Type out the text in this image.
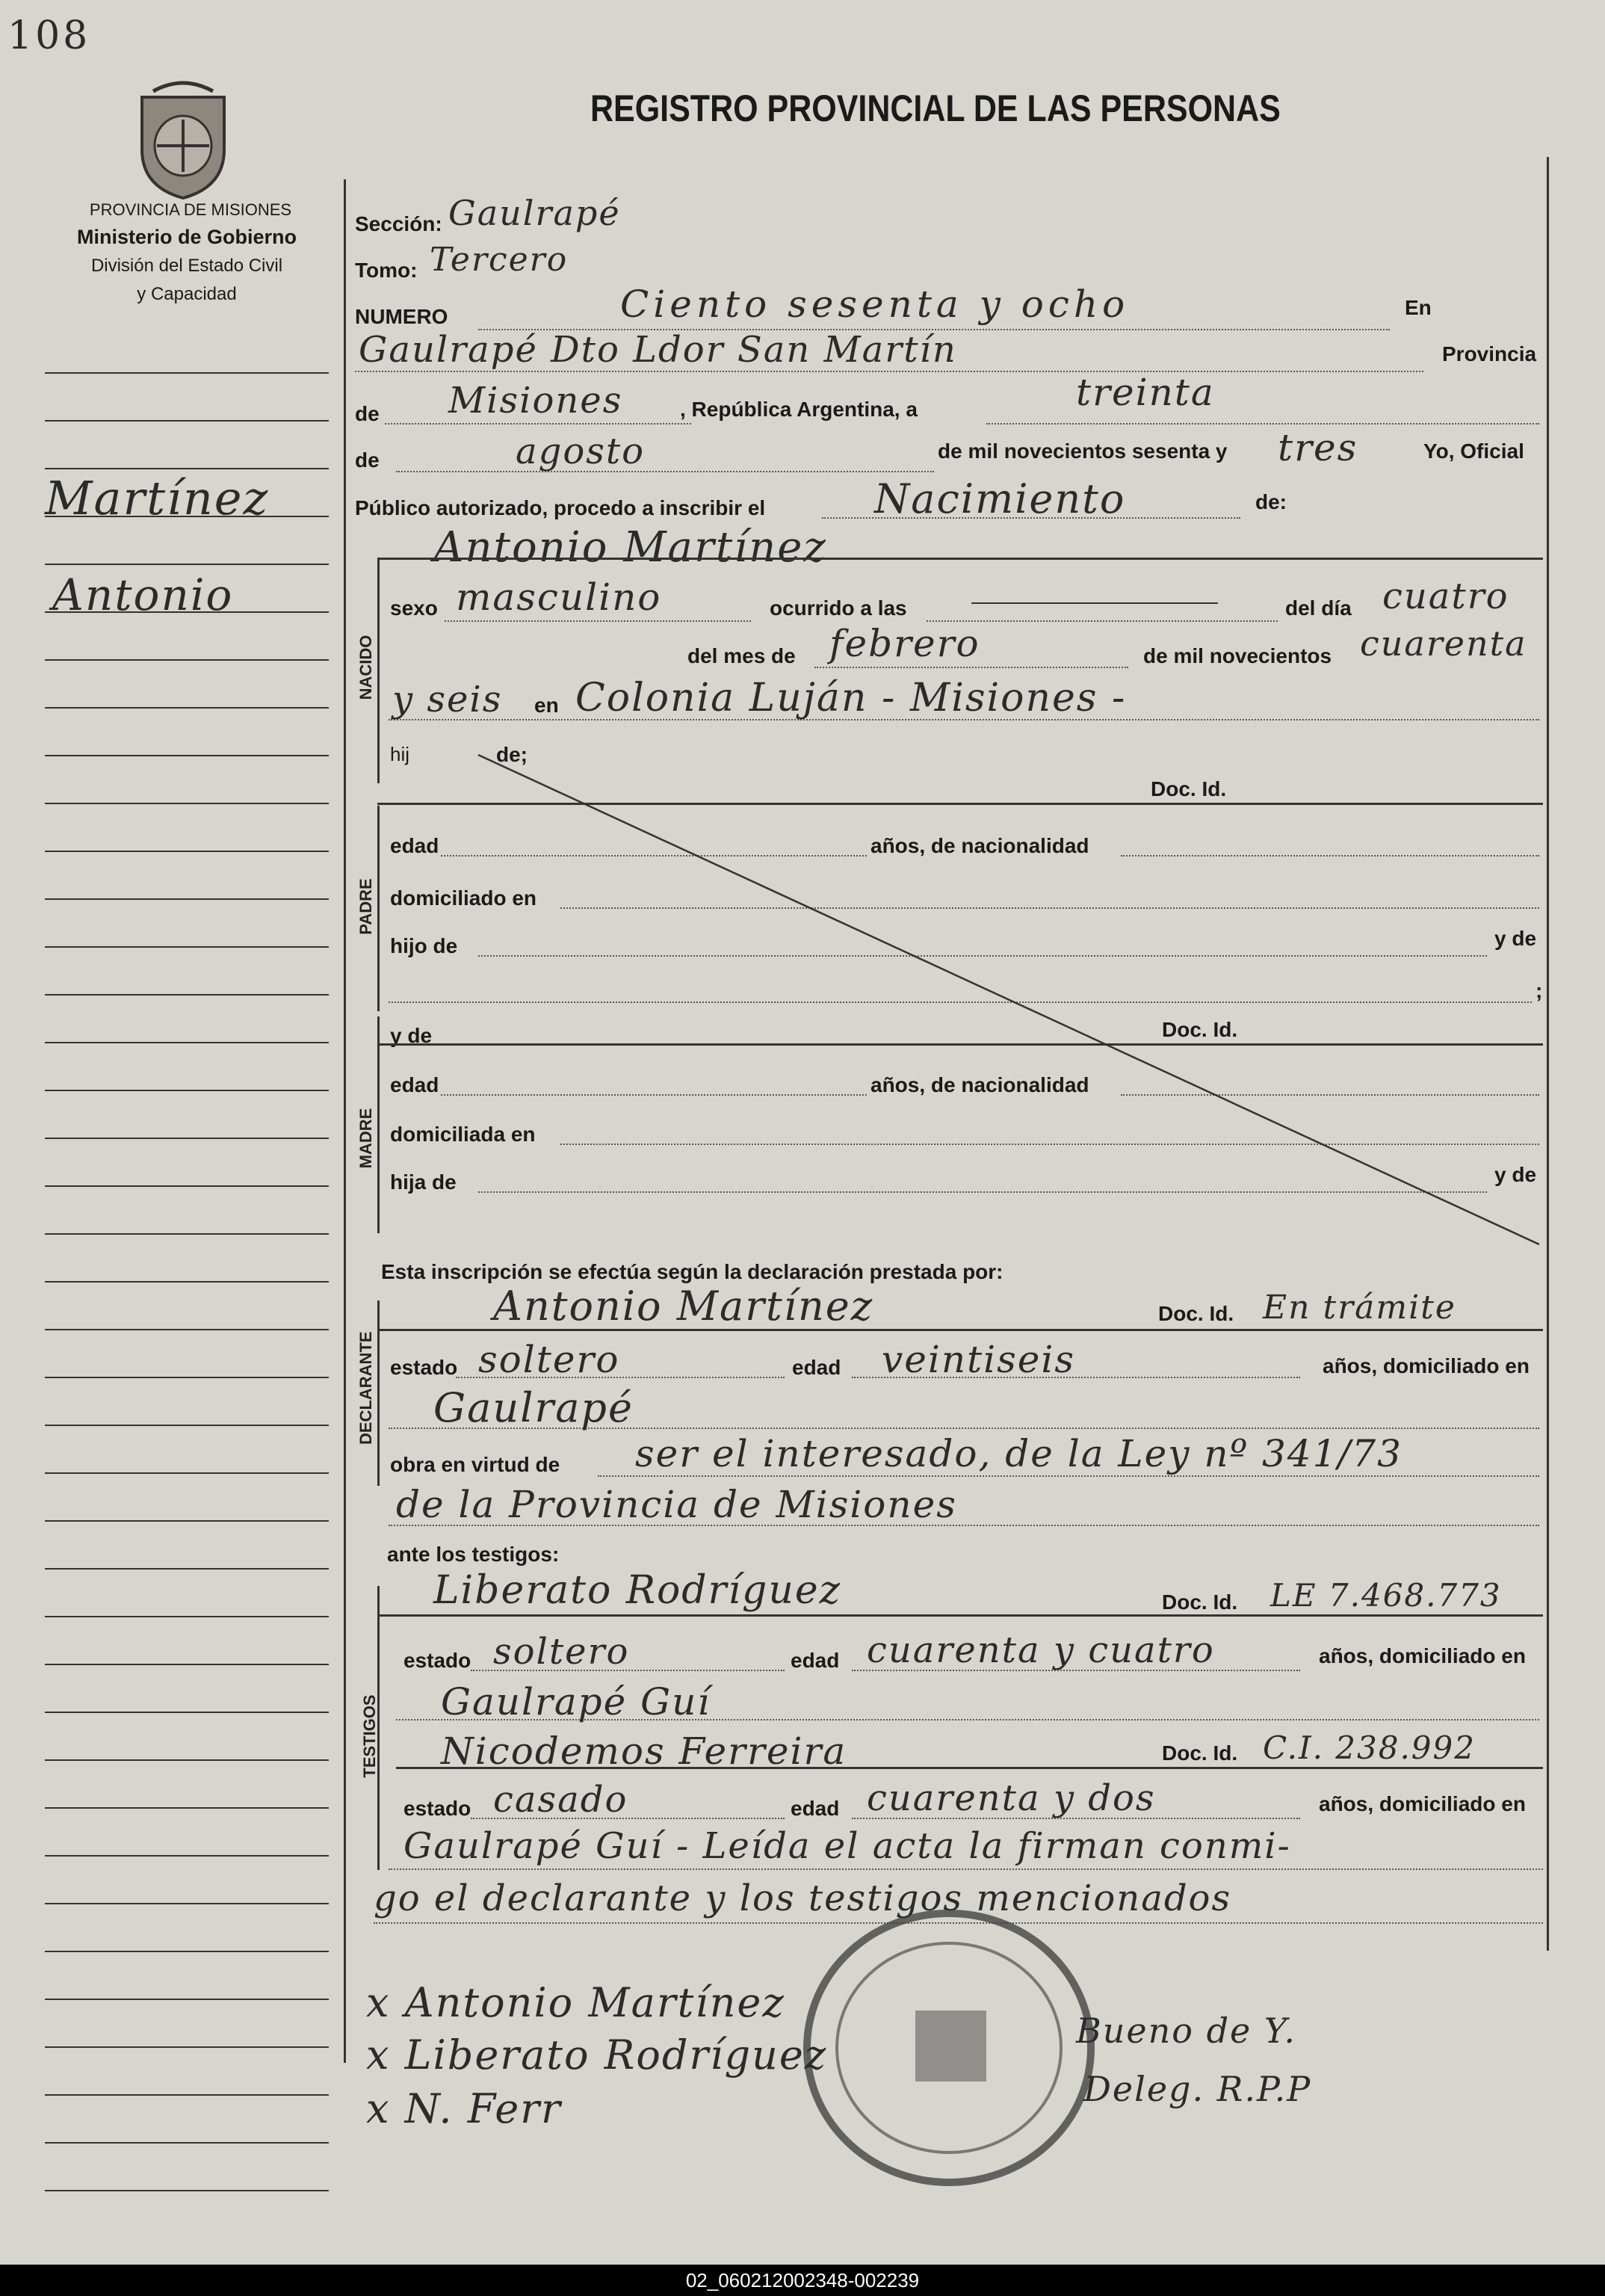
108
REGISTRO PROVINCIAL DE LAS PERSONAS
PROVINCIA DE MISIONES
Ministerio de Gobierno
División del Estado Civil
y Capacidad
Martínez
Antonio
Sección: Gaulrapé
Tomo: Tercero
NUMERO	Ciento sesenta y ocho	En
Gaulrapé Dto Ldor San Martín	Provincia
de Misiones	, República Argentina, a	treinta
de	agosto	de mil novecientos sesenta y tres	Yo, Oficial
Público autorizado, procedo a inscribir el	Nacimiento	de:
NACIDO
Antonio Martínez
sexo masculino	ocurrido a las	del día cuatro
del mes de febrero	de mil novecientos cuarenta
y seis en Colonia Luján - Misiones -
hij	de;
Doc. Id.
PADRE
edad	años, de nacionalidad
domiciliado en
hijo de	y de
;
MADRE
y de	Doc. Id.
edad	años, de nacionalidad
domiciliada en
hija de	y de
Esta inscripción se efectúa según la declaración prestada por:
DECLARANTE
Antonio Martínez	Doc. Id. En trámite
estado soltero	edad veintiseis	años, domiciliado en
Gaulrapé
obra en virtud de ser el interesado, de la Ley nº 341/73
de la Provincia de Misiones
ante los testigos:
TESTIGOS
Liberato Rodríguez	Doc. Id. LE 7.468.773
estado soltero	edad cuarenta y cuatro	años, domiciliado en
Gaulrapé Guí
Nicodemos Ferreira	Doc. Id. C.I. 238.992
estado casado	edad cuarenta y dos	años, domiciliado en
Gaulrapé Guí - Leída el acta la firman conmi-
go el declarante y los testigos mencionados
x Antonio Martínez
x Liberato Rodríguez
x N. Ferr
Bueno de Y.
Deleg. R.P.P
02_060212002348-002239
